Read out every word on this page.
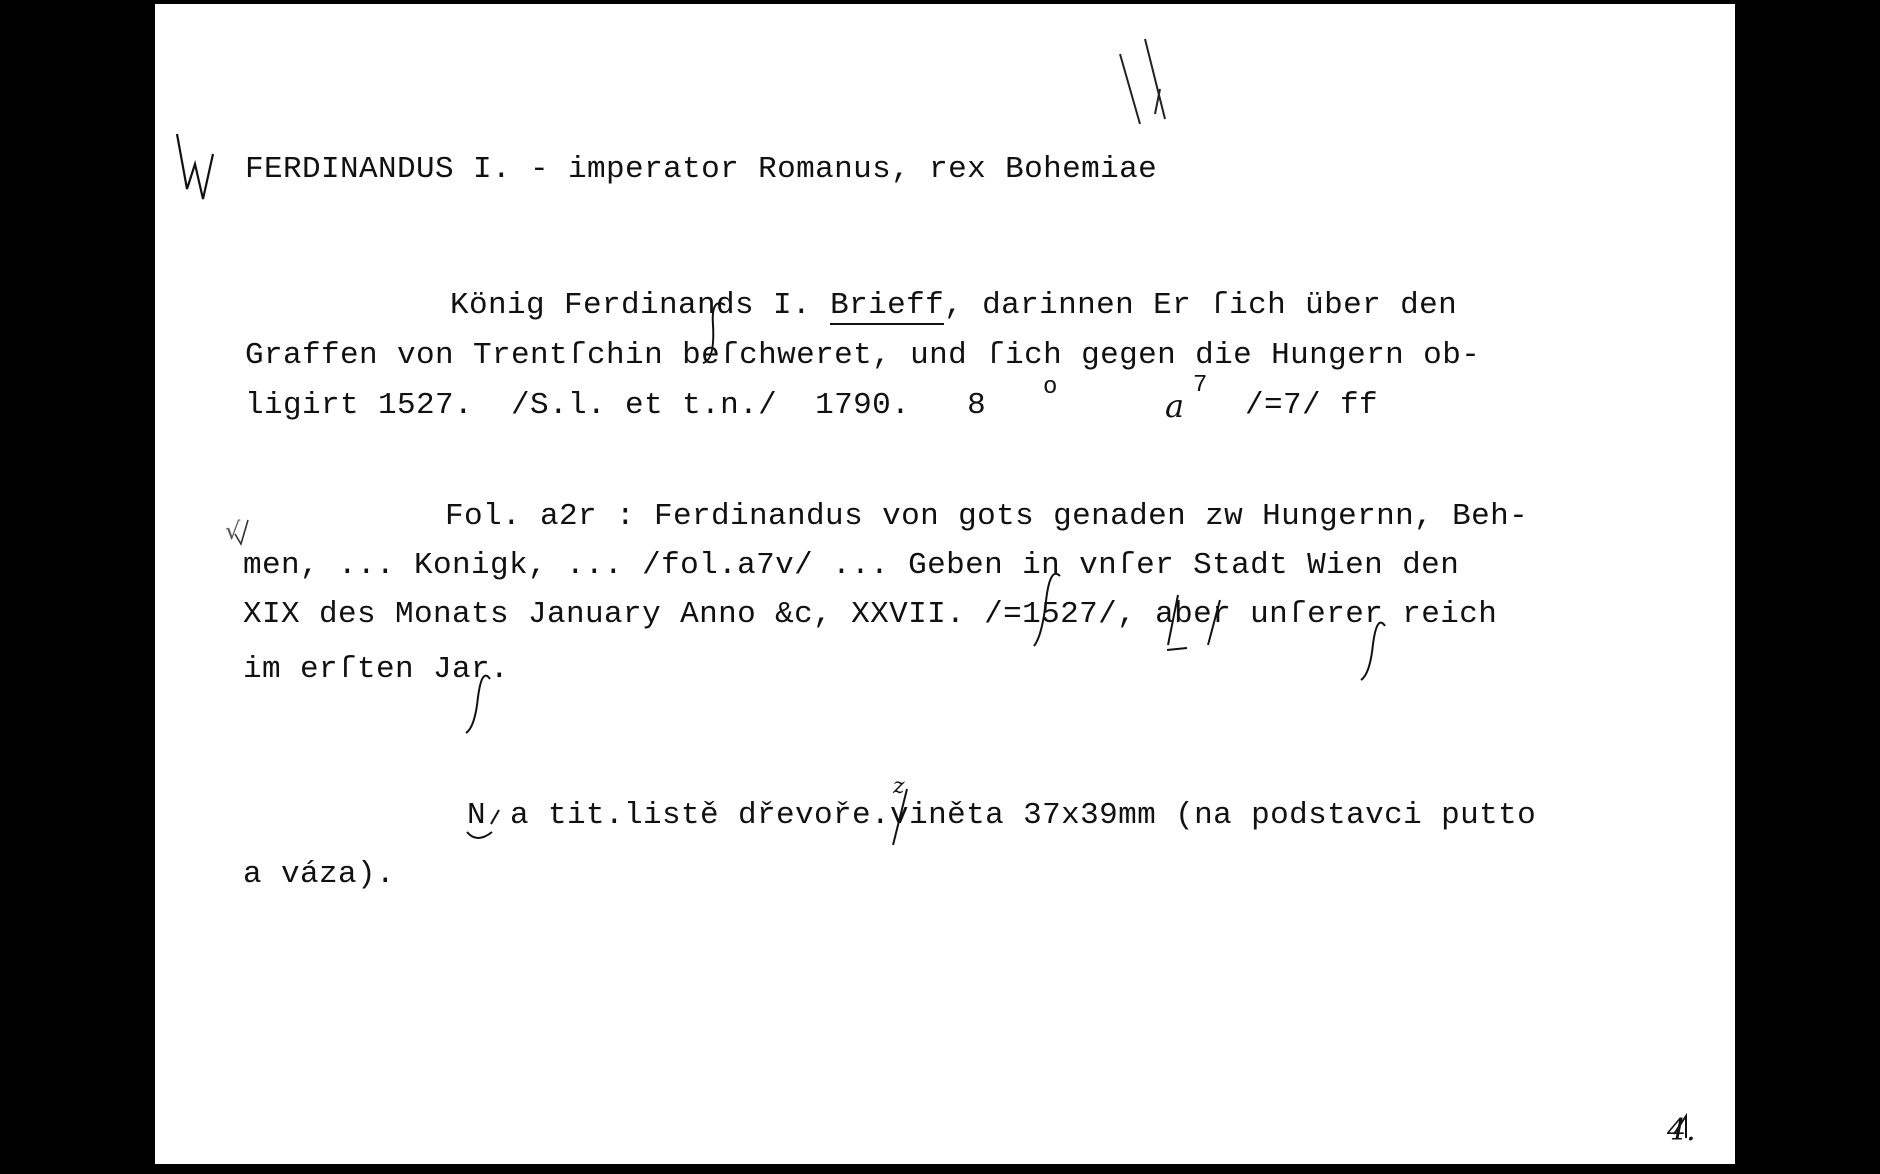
FERDINANDUS I. - imperator Romanus, rex Bohemiae
König Ferdinands I. Brieff, darinnen Er ſich über den
Graffen von Trentſchin beſchweret, und ſich gegen die Hungern ob-
ligirt 1527.  /S.l. et t.n./  1790.   8
o	a
7
/=7/ ff
Fol. a2r : Ferdinandus von gots genaden zw Hungernn, Beh-
men, ... Konigk, ... /fol.a7v/ ... Geben in vnſer Stadt Wien den
XIX des Monats January Anno &c, XXVII. /=1527/, aber unſerer reich
im erſten Jar.
N a tit.listě dřevoře.viněta 37x39mm (na podstavci putto
z
a váza).
4.
√
